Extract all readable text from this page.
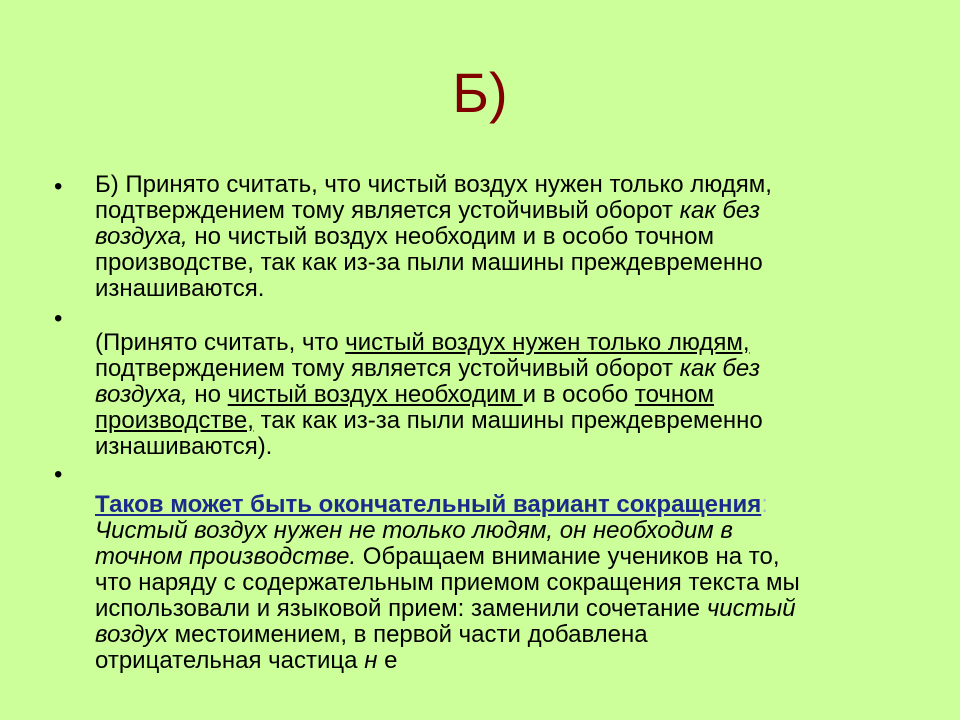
Б)
• Б) Принято считать, что чистый воздух нужен только людям,
подтверждением тому является устойчивый оборот как без
воздуха, но чистый воздух необходим и в особо точном
производстве, так как из-за пыли машины преждевременно
изнашиваются.
•
(Принято считать, что чистый воздух нужен только людям,
подтверждением тому является устойчивый оборот как без
воздуха, но чистый воздух необходим и в особо точном
производстве, так как из-за пыли машины преждевременно
изнашиваются).
•
Таков может быть окончательный вариант сокращения:
Чистый воздух нужен не только людям, он необходим в
точном производстве. Обращаем внимание учеников на то,
что наряду с содержательным приемом сокращения текста мы
использовали и языковой прием: заменили сочетание чистый
воздух местоимением, в первой части добавлена
отрицательная частица н е
